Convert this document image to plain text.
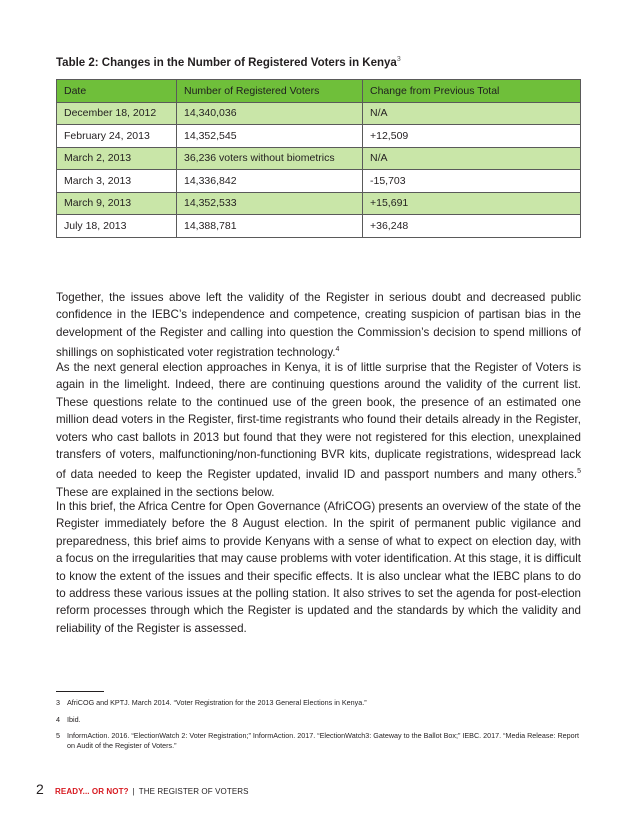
Table 2: Changes in the Number of Registered Voters in Kenya$^3$
Date	Number of Registered Voters	Change from Previous Total
December 18, 2012	14,340,036	N/A
February 24, 2013	14,352,545	+12,509
March 2, 2013	36,236 voters without biometrics	N/A
March 3, 2013	14,336,842	-15,703
March 9, 2013	14,352,533	+15,691
July 18, 2013	14,388,781	+36,248

Together, the issues above left the validity of the Register in serious doubt and decreased public confidence in the IEBC’s independence and competence, creating suspicion of partisan bias in the development of the Register and calling into question the Commission’s decision to spend millions of shillings on sophisticated voter registration technology.$^4$

As the next general election approaches in Kenya, it is of little surprise that the Register of Voters is again in the limelight. Indeed, there are continuing questions around the validity of the current list. These questions relate to the continued use of the green book, the presence of an estimated one million dead voters in the Register, first-time registrants who found their details already in the Register, voters who cast ballots in 2013 but found that they were not registered for this election, unexplained transfers of voters, malfunctioning/non-functioning BVR kits, duplicate registrations, widespread lack of data needed to keep the Register updated, invalid ID and passport numbers and many others.$^5$ These are explained in the sections below.

In this brief, the Africa Centre for Open Governance (AfriCOG) presents an overview of the state of the Register immediately before the 8 August election. In the spirit of permanent public vigilance and preparedness, this brief aims to provide Kenyans with a sense of what to expect on election day, with a focus on the irregularities that may cause problems with voter identification. At this stage, it is difficult to know the extent of the issues and their specific effects. It is also unclear what the IEBC plans to do to address these various issues at the polling station. It also strives to set the agenda for post-election reform processes through which the Register is updated and the standards by which the validity and reliability of the Register is assessed.

3 AfriCOG and KPTJ. March 2014. “Voter Registration for the 2013 General Elections in Kenya.”
4 Ibid.
5 InformAction. 2016. “ElectionWatch 2: Voter Registration;” InformAction. 2017. “ElectionWatch3: Gateway to the Ballot Box;” IEBC. 2017. “Media Release: Report on Audit of the Register of Voters.”
2 READY... OR NOT? | THE REGISTER OF VOTERS
